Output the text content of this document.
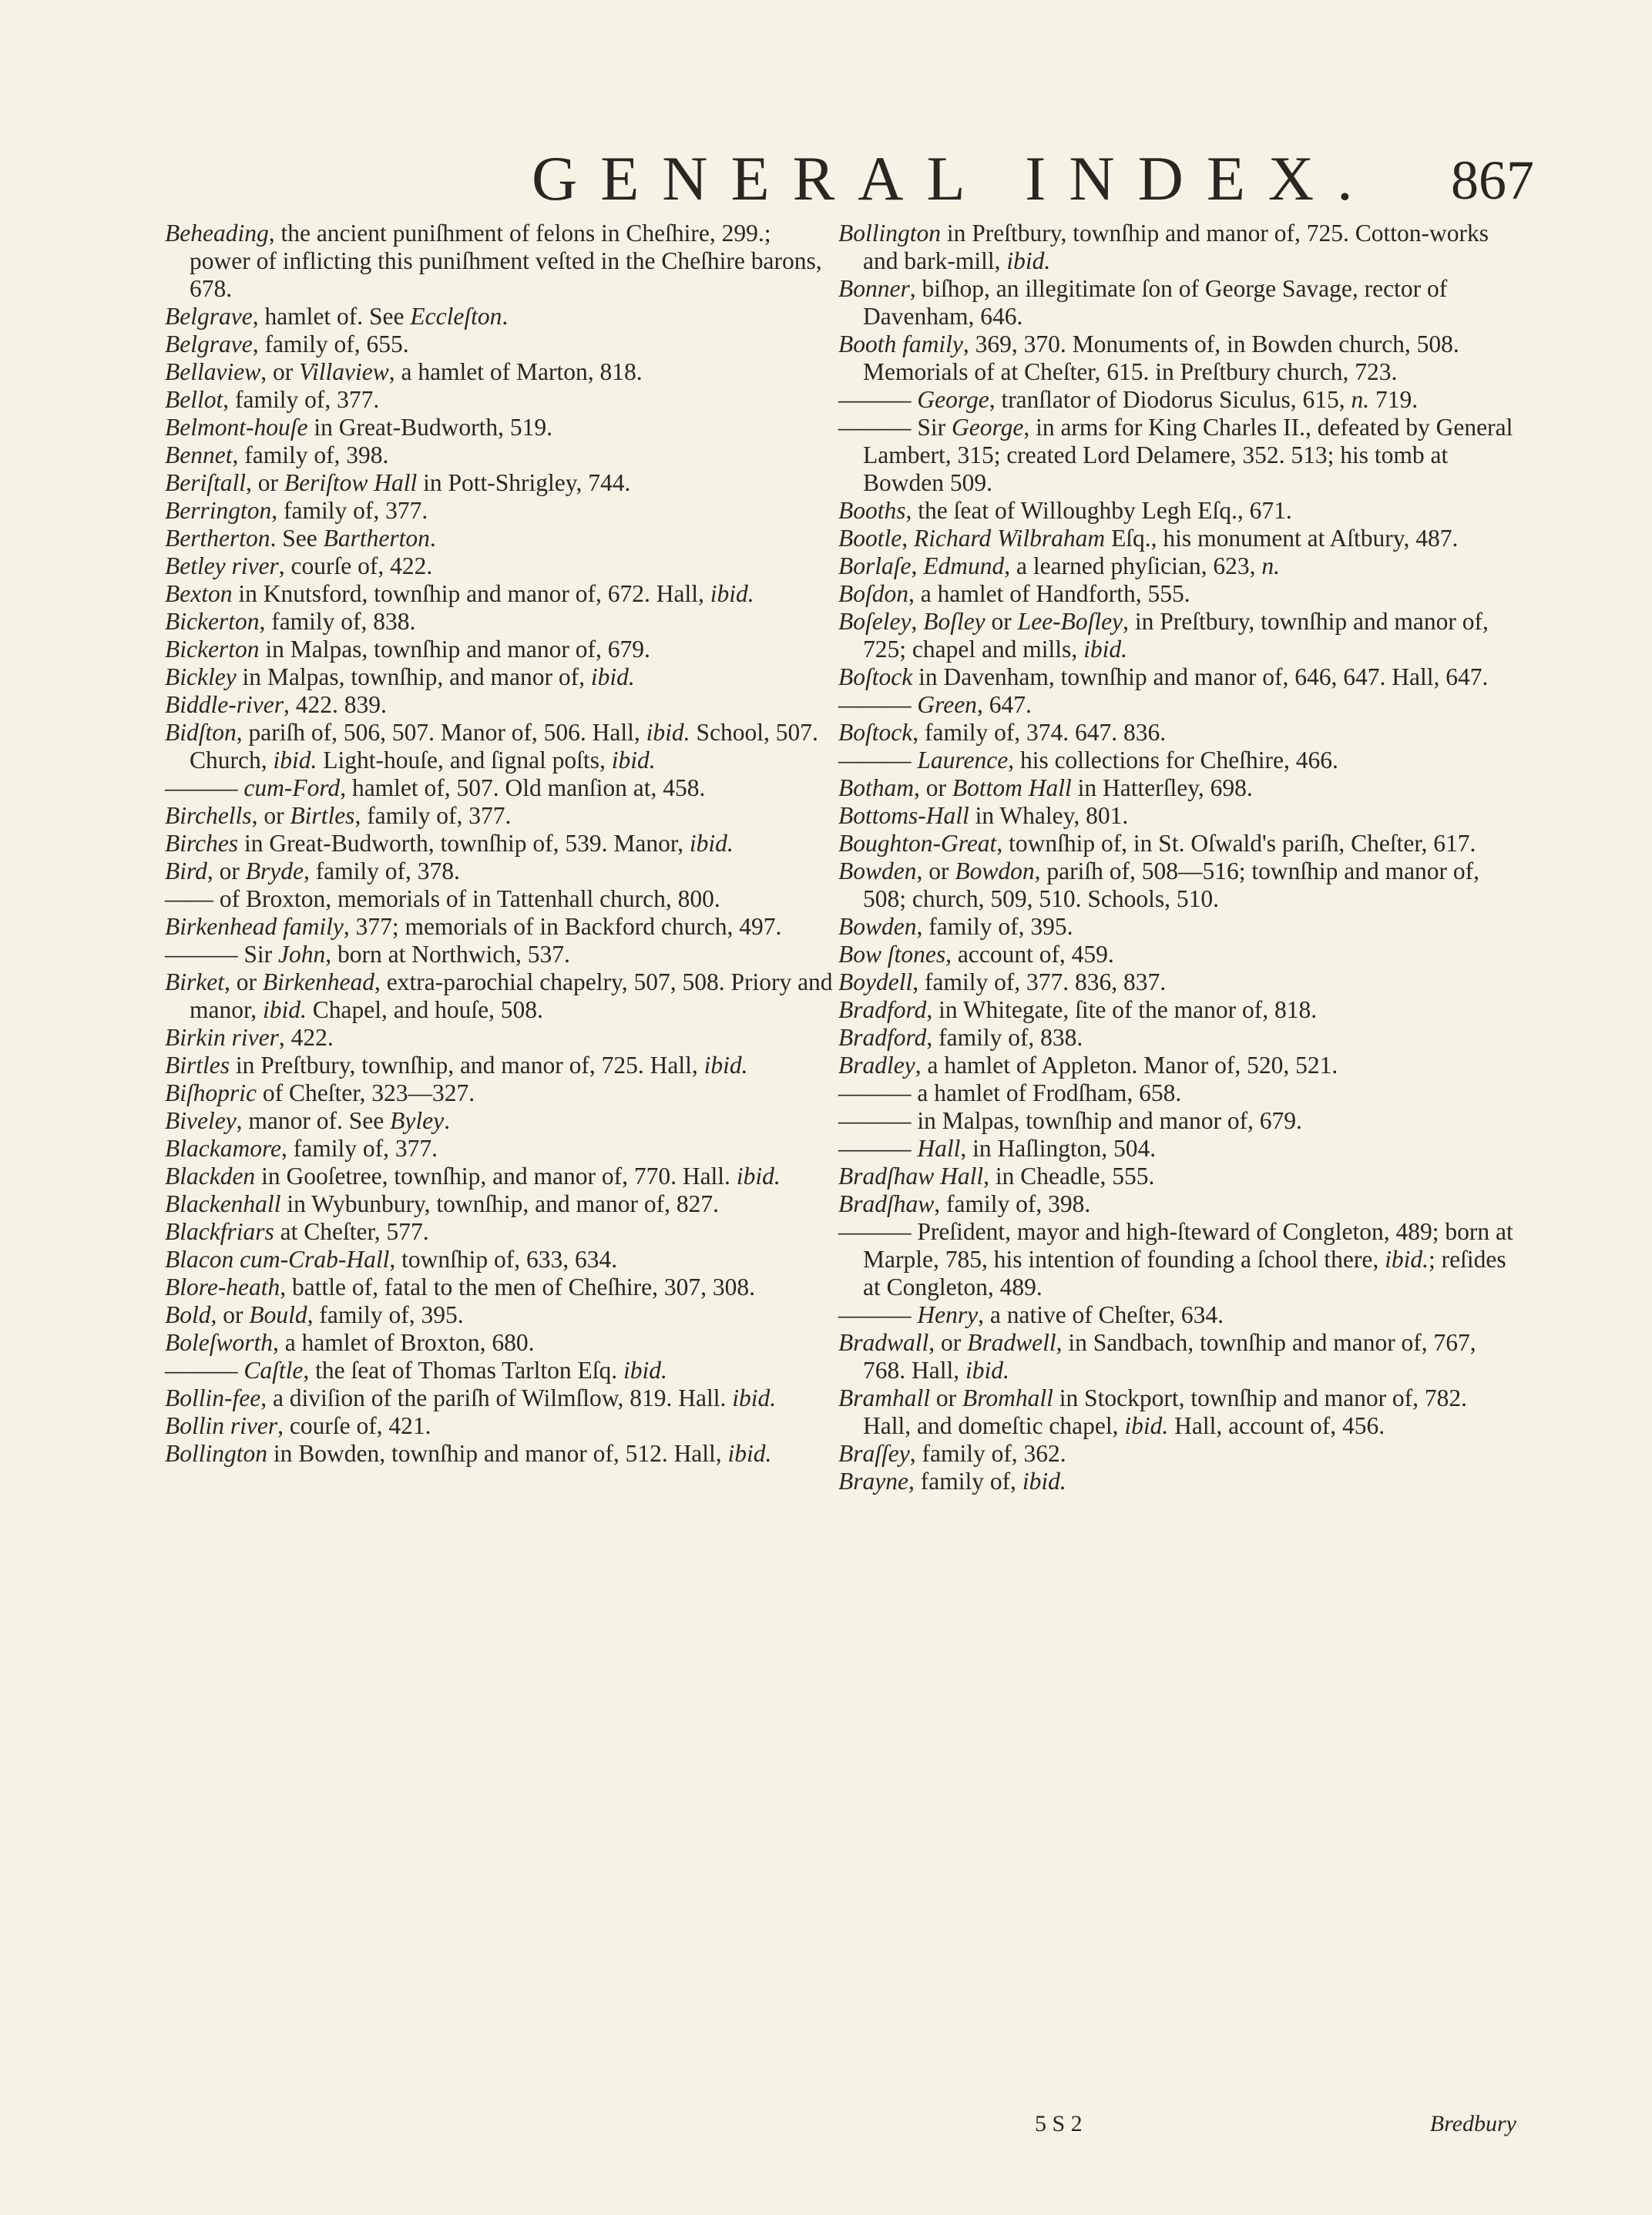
GENERAL INDEX. 867

Beheading, the ancient puniſhment of felons in Cheſhire, 299.; power of inflicting this puniſhment veſted in the Cheſhire barons, 678.

Belgrave, hamlet of. See Eccleſton.

Belgrave, family of, 655.

Bellaview, or Villaview, a hamlet of Marton, 818.

Bellot, family of, 377.

Belmont-houſe in Great-Budworth, 519.

Bennet, family of, 398.

Beriſtall, or Beriſtow Hall in Pott-Shrigley, 744.

Berrington, family of, 377.

Bertherton. See Bartherton.

Betley river, courſe of, 422.

Bexton in Knutsford, townſhip and manor of, 672. Hall, ibid.

Bickerton, family of, 838.

Bickerton in Malpas, townſhip and manor of, 679.

Bickley in Malpas, townſhip, and manor of, ibid.

Biddle-river, 422. 839.

Bidſton, pariſh of, 506, 507. Manor of, 506. Hall, ibid. School, 507. Church, ibid. Light-houſe, and ſignal poſts, ibid.

——— cum-Ford, hamlet of, 507. Old manſion at, 458.

Birchells, or Birtles, family of, 377.

Birches in Great-Budworth, townſhip of, 539. Manor, ibid.

Bird, or Bryde, family of, 378.

—— of Broxton, memorials of in Tattenhall church, 800.

Birkenhead family, 377; memorials of in Backford church, 497.

——— Sir John, born at Northwich, 537.

Birket, or Birkenhead, extra-parochial chapelry, 507, 508. Priory and manor, ibid. Chapel, and houſe, 508.

Birkin river, 422.

Birtles in Preſtbury, townſhip, and manor of, 725. Hall, ibid.

Biſhopric of Cheſter, 323—327.

Biveley, manor of. See Byley.

Blackamore, family of, 377.

Blackden in Gooſetree, townſhip, and manor of, 770. Hall. ibid.

Blackenhall in Wybunbury, townſhip, and manor of, 827.

Blackfriars at Cheſter, 577.

Blacon cum-Crab-Hall, townſhip of, 633, 634.

Blore-heath, battle of, fatal to the men of Cheſhire, 307, 308.

Bold, or Bould, family of, 395.

Boleſworth, a hamlet of Broxton, 680.

——— Caſtle, the ſeat of Thomas Tarlton Eſq. ibid.

Bollin-fee, a diviſion of the pariſh of Wilmſlow, 819. Hall. ibid.

Bollin river, courſe of, 421.

Bollington in Bowden, townſhip and manor of, 512. Hall, ibid.

Bollington in Preſtbury, townſhip and manor of, 725. Cotton-works and bark-mill, ibid.

Bonner, biſhop, an illegitimate ſon of George Savage, rector of Davenham, 646.

Booth family, 369, 370. Monuments of, in Bowden church, 508. Memorials of at Cheſter, 615. in Preſtbury church, 723.

——— George, tranſlator of Diodorus Siculus, 615, n. 719.

——— Sir George, in arms for King Charles II., defeated by General Lambert, 315; created Lord Delamere, 352. 513; his tomb at Bowden 509.

Booths, the ſeat of Willoughby Legh Eſq., 671.

Bootle, Richard Wilbraham Eſq., his monument at Aſtbury, 487.

Borlaſe, Edmund, a learned phyſician, 623, n.

Boſdon, a hamlet of Handforth, 555.

Boſeley, Boſley or Lee-Boſley, in Preſtbury, townſhip and manor of, 725; chapel and mills, ibid.

Boſtock in Davenham, townſhip and manor of, 646, 647. Hall, 647.

——— Green, 647.

Boſtock, family of, 374. 647. 836.

——— Laurence, his collections for Cheſhire, 466.

Botham, or Bottom Hall in Hatterſley, 698.

Bottoms-Hall in Whaley, 801.

Boughton-Great, townſhip of, in St. Oſwald's pariſh, Cheſter, 617.

Bowden, or Bowdon, pariſh of, 508—516; townſhip and manor of, 508; church, 509, 510. Schools, 510.

Bowden, family of, 395.

Bow ſtones, account of, 459.

Boydell, family of, 377. 836, 837.

Bradford, in Whitegate, ſite of the manor of, 818.

Bradford, family of, 838.

Bradley, a hamlet of Appleton. Manor of, 520, 521.

——— a hamlet of Frodſham, 658.

——— in Malpas, townſhip and manor of, 679.

——— Hall, in Haſlington, 504.

Bradſhaw Hall, in Cheadle, 555.

Bradſhaw, family of, 398.

——— Preſident, mayor and high-ſteward of Congleton, 489; born at Marple, 785, his intention of founding a ſchool there, ibid.; reſides at Congleton, 489.

——— Henry, a native of Cheſter, 634.

Bradwall, or Bradwell, in Sandbach, townſhip and manor of, 767, 768. Hall, ibid.

Bramhall or Bromhall in Stockport, townſhip and manor of, 782. Hall, and domeſtic chapel, ibid. Hall, account of, 456.

Braſſey, family of, 362.

Brayne, family of, ibid.

5 S 2	Bredbury
